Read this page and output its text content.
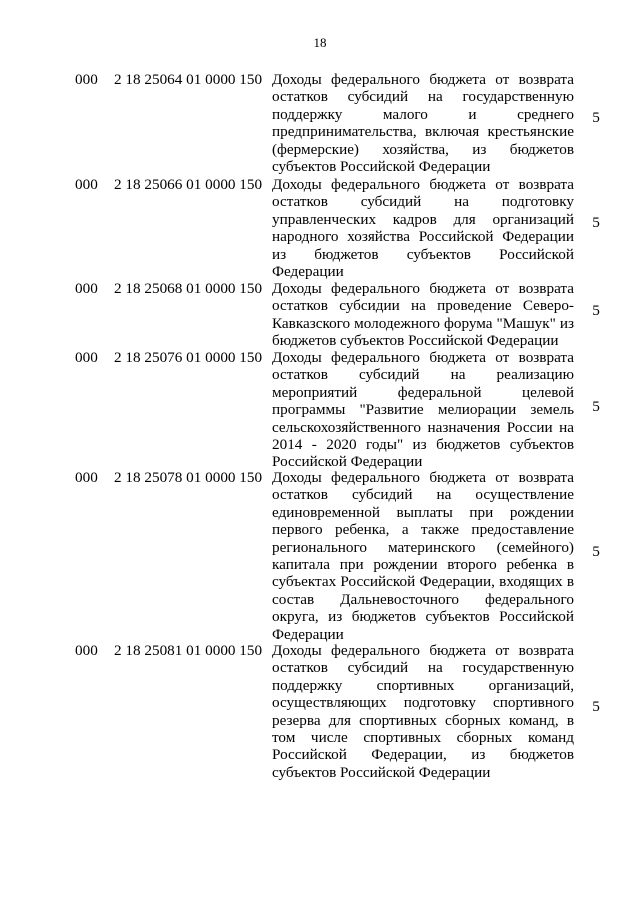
18
000	2 18 25064 01 0000 150 Доходы федерального бюджета от возврата остатков субсидий на государственную поддержку малого и среднего предпринимательства, включая крестьянские (фермерские) хозяйства, из бюджетов субъектов Российской Федерации
5
000	2 18 25066 01 0000 150 Доходы федерального бюджета от возврата остатков субсидий на подготовку управленческих кадров для организаций народного хозяйства Российской Федерации из бюджетов субъектов Российской Федерации
5
000	2 18 25068 01 0000 150 Доходы федерального бюджета от возврата остатков субсидии на проведение Северо-Кавказского молодежного форума "Машук" из бюджетов субъектов Российской Федерации
5
000	2 18 25076 01 0000 150 Доходы федерального бюджета от возврата остатков субсидий на реализацию мероприятий федеральной целевой программы "Развитие мелиорации земель сельскохозяйственного назначения России на 2014 - 2020 годы" из бюджетов субъектов Российской Федерации
5
000	2 18 25078 01 0000 150 Доходы федерального бюджета от возврата остатков субсидий на осуществление единовременной выплаты при рождении первого ребенка, а также предоставление регионального материнского (семейного) капитала при рождении второго ребенка в субъектах Российской Федерации, входящих в состав Дальневосточного федерального округа, из бюджетов субъектов Российской Федерации
5
000	2 18 25081 01 0000 150 Доходы федерального бюджета от возврата остатков субсидий на государственную поддержку спортивных организаций, осуществляющих подготовку спортивного резерва для спортивных сборных команд, в том числе спортивных сборных команд Российской Федерации, из бюджетов субъектов Российской Федерации
5
